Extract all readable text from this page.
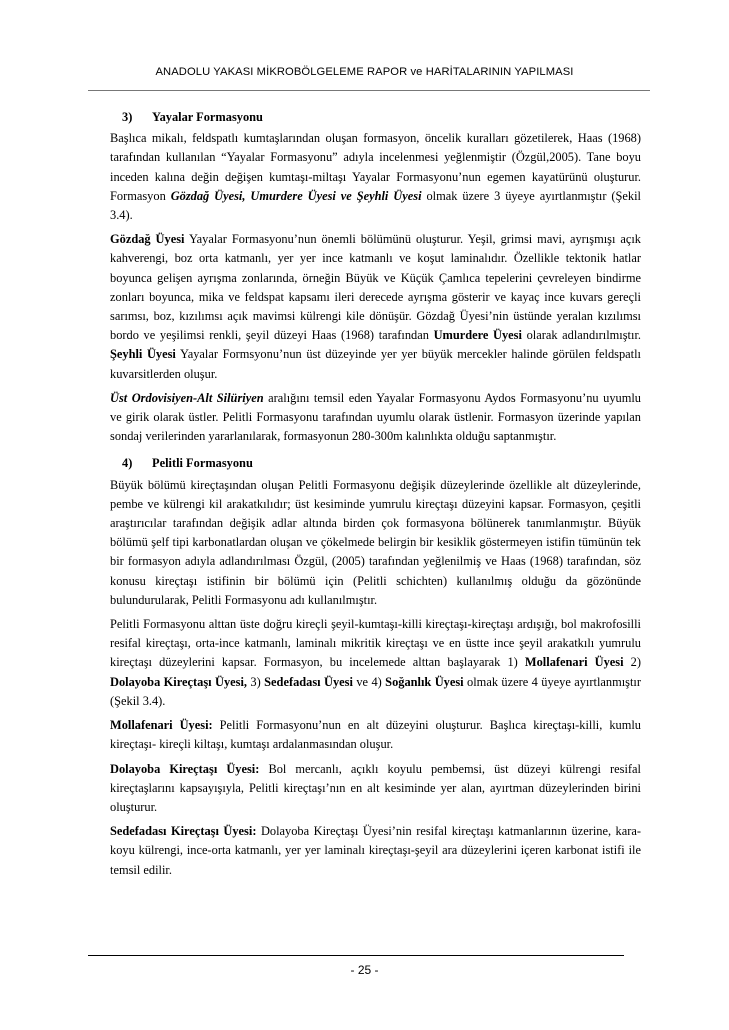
ANADOLU YAKASI MİKROBÖLGELEME RAPOR ve HARİTALARININ YAPILMASI
3) Yayalar Formasyonu

Başlıca mikalı, feldspatlı kumtaşlarından oluşan formasyon, öncelik kuralları gözetilerek, Haas (1968) tarafından kullanılan “Yayalar Formasyonu” adıyla incelenmesi yeğlenmiştir (Özgül,2005). Tane boyu inceden kalına değin değişen kumtaşı-miltaşı Yayalar Formasyonu’nun egemen kayatürünü oluşturur. Formasyon Gözdağ Üyesi, Umurdere Üyesi ve Şeyhli Üyesi olmak üzere 3 üyeye ayırtlanmıştır (Şekil 3.4).

Gözdağ Üyesi Yayalar Formasyonu’nun önemli bölümünü oluşturur. Yeşil, grimsi mavi, ayrışmışı açık kahverengi, boz orta katmanlı, yer yer ince katmanlı ve koşut laminalıdır. Özellikle tektonik hatlar boyunca gelişen ayrışma zonlarında, örneğin Büyük ve Küçük Çamlıca tepelerini çevreleyen bindirme zonları boyunca, mika ve feldspat kapsamı ileri derecede ayrışma gösterir ve kayaç ince kuvars gereçli sarımsı, boz, kızılımsı açık mavimsi külrengi kile dönüşür. Gözdağ Üyesi’nin üstünde yeralan kızılımsı bordo ve yeşilimsi renkli, şeyil düzeyi Haas (1968) tarafından Umurdere Üyesi olarak adlandırılmıştır. Şeyhli Üyesi Yayalar Formsyonu’nun üst düzeyinde yer yer büyük mercekler halinde görülen feldspatlı kuvarsitlerden oluşur.

Üst Ordovisiyen-Alt Silüriyen aralığını temsil eden Yayalar Formasyonu Aydos Formasyonu’nu uyumlu ve girik olarak üstler. Pelitli Formasyonu tarafından uyumlu olarak üstlenir. Formasyon üzerinde yapılan sondaj verilerinden yararlanılarak, formasyonun 280-300m kalınlıkta olduğu saptanmıştır.

4) Pelitli Formasyonu

Büyük bölümü kireçtaşından oluşan Pelitli Formasyonu değişik düzeylerinde özellikle alt düzeylerinde, pembe ve külrengi kil arakatkılıdır; üst kesiminde yumrulu kireçtaşı düzeyini kapsar. Formasyon, çeşitli araştırıcılar tarafından değişik adlar altında birden çok formasyona bölünerek tanımlanmıştır. Büyük bölümü şelf tipi karbonatlardan oluşan ve çökelmede belirgin bir kesiklik göstermeyen istifin tümünün tek bir formasyon adıyla adlandırılması Özgül, (2005) tarafından yeğlenilmiş ve Haas (1968) tarafından, söz konusu kireçtaşı istifinin bir bölümü için (Pelitli schichten) kullanılmış olduğu da gözönünde bulundurularak, Pelitli Formasyonu adı kullanılmıştır.

Pelitli Formasyonu alttan üste doğru kireçli şeyil-kumtaşı-killi kireçtaşı-kireçtaşı ardışığı, bol makrofosilli resifal kireçtaşı, orta-ince katmanlı, laminalı mikritik kireçtaşı ve en üstte ince şeyil arakatkılı yumrulu kireçtaşı düzeylerini kapsar. Formasyon, bu incelemede alttan başlayarak 1) Mollafenari Üyesi 2) Dolayoba Kireçtaşı Üyesi, 3) Sedefadası Üyesi ve 4) Soğanlık Üyesi olmak üzere 4 üyeye ayırtlanmıştır (Şekil 3.4).

Mollafenari Üyesi: Pelitli Formasyonu’nun en alt düzeyini oluşturur. Başlıca kireçtaşı-killi, kumlu kireçtaşı- kireçli kiltaşı, kumtaşı ardalanmasından oluşur.

Dolayoba Kireçtaşı Üyesi: Bol mercanlı, açıklı koyulu pembemsi, üst düzeyi külrengi resifal kireçtaşlarını kapsayışıyla, Pelitli kireçtaşı’nın en alt kesiminde yer alan, ayırtman düzeylerinden birini oluşturur.

Sedefadası Kireçtaşı Üyesi: Dolayoba Kireçtaşı Üyesi’nin resifal kireçtaşı katmanlarının üzerine, kara-koyu külrengi, ince-orta katmanlı, yer yer laminalı kireçtaşı-şeyil ara düzeylerini içeren karbonat istifi ile temsil edilir.

- 25 -
